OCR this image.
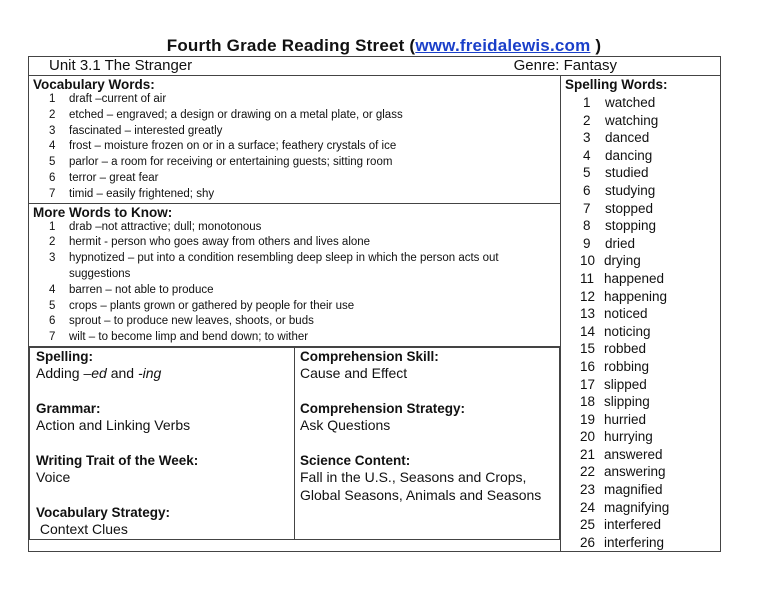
Fourth Grade Reading Street (www.freidalewis.com )
Unit 3.1 The Stranger	Genre: Fantasy

Vocabulary Words:
1	draft –current of air
2	etched – engraved; a design or drawing on a metal plate, or glass
3	fascinated – interested greatly
4	frost – moisture frozen on or in a surface; feathery crystals of ice
5	parlor – a room for receiving or entertaining guests; sitting room
6	terror – great fear
7	timid – easily frightened; shy
More Words to Know:
1	drab –not attractive; dull; monotonous
2	hermit - person who goes away from others and lives alone
3	hypnotized – put into a condition resembling deep sleep in which the person acts out suggestions
4	barren – not able to produce
5	crops – plants grown or gathered by people for their use
6	sprout – to produce new leaves, shoots, or buds
7	wilt – to become limp and bend down; to wither
Spelling:
Adding –ed and -ing
Grammar:
Action and Linking Verbs
Writing Trait of the Week:
Voice
Vocabulary Strategy:
Context Clues

Comprehension Skill:
Cause and Effect
Comprehension Strategy:
Ask Questions
Science Content:
Fall in the U.S., Seasons and Crops, Global Seasons, Animals and Seasons

Spelling Words:
1 watched
2 watching
3 danced
4 dancing
5 studied
6 studying
7 stopped
8 stopping
9 dried
10 drying
11 happened
12 happening
13 noticed
14 noticing
15 robbed
16 robbing
17 slipped
18 slipping
19 hurried
20 hurrying
21 answered
22 answering
23 magnified
24 magnifying
25 interfered
26 interfering
